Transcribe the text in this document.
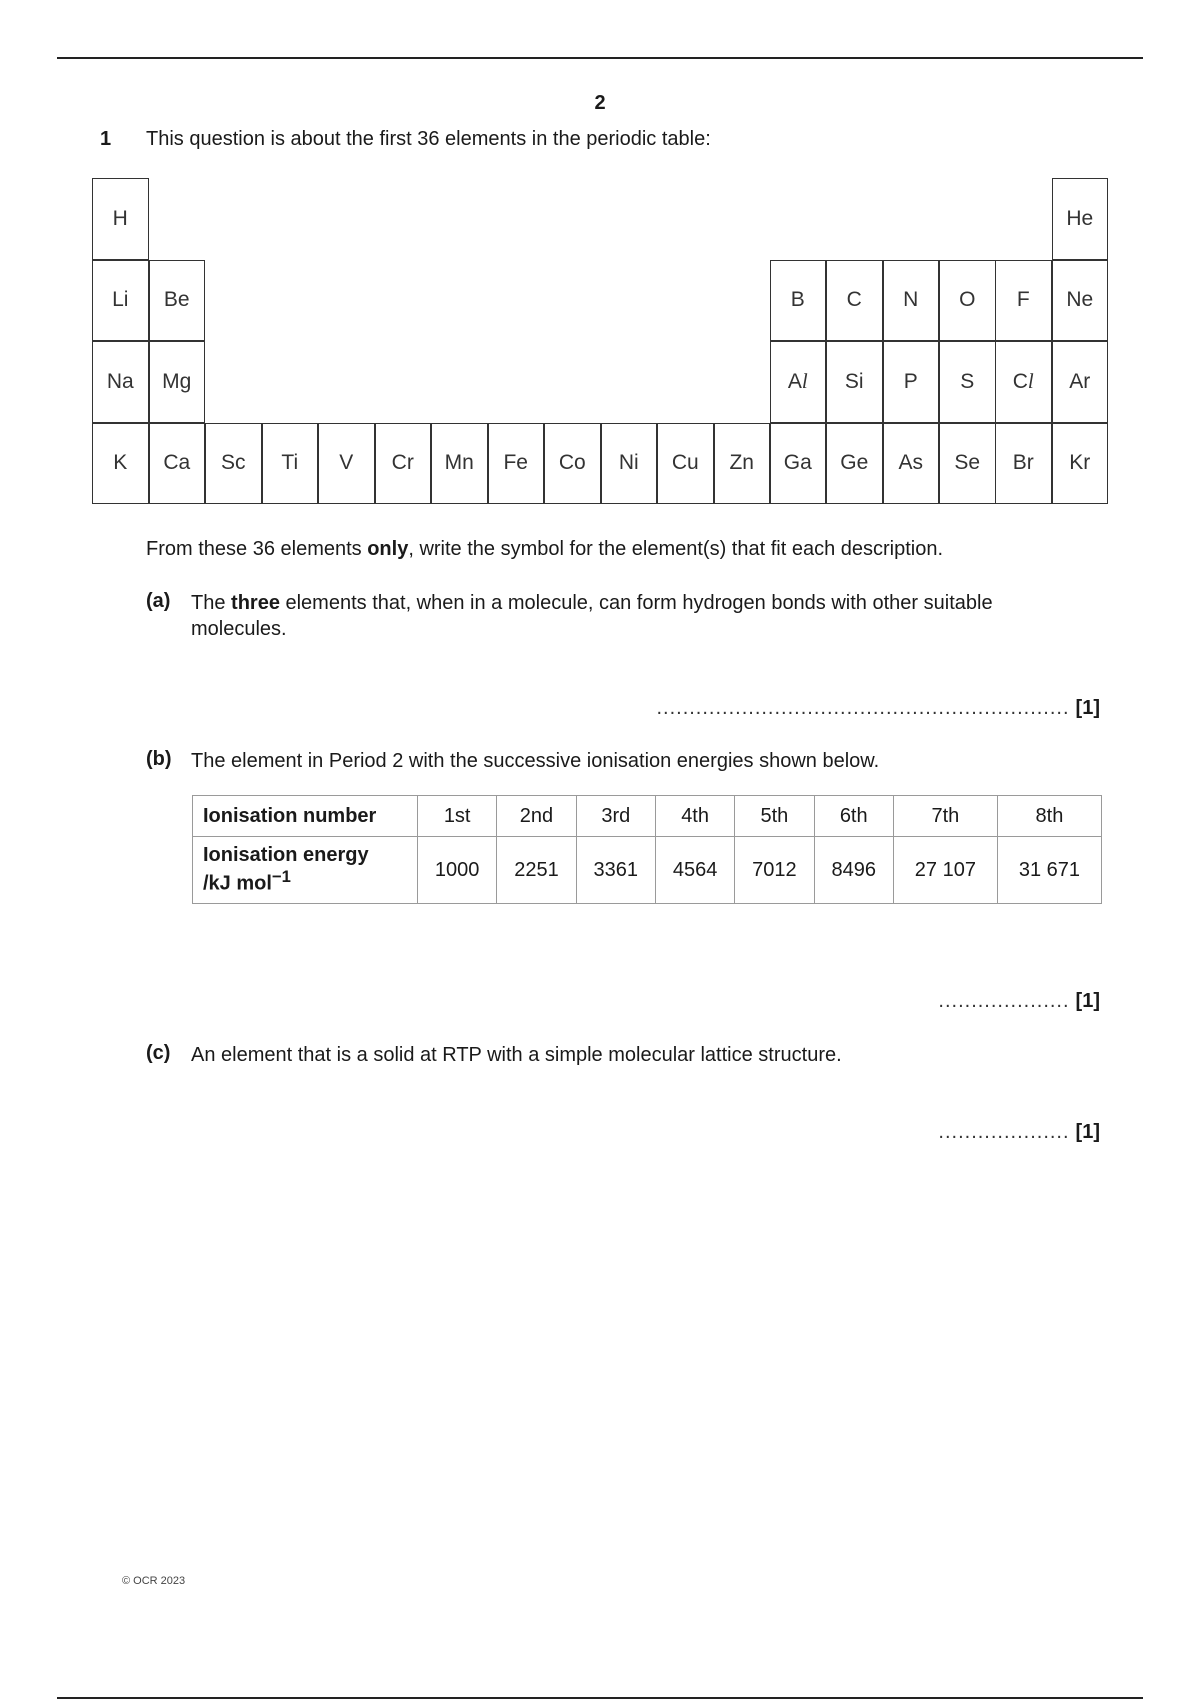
2
1 This question is about the first 36 elements in the periodic table:
H	He
Li	Be	B	C	N	O	F	Ne
Na	Mg	Al	Si	P	S	Cl	Ar
K	Ca	Sc	Ti	V	Cr	Mn	Fe	Co	Ni	Cu	Zn	Ga	Ge	As	Se	Br	Kr
From these 36 elements only, write the symbol for the element(s) that fit each description.
(a) The three elements that, when in a molecule, can form hydrogen bonds with other suitable molecules.
............................................................... [1]
(b) The element in Period 2 with the successive ionisation energies shown below.
Ionisation number	1st	2nd	3rd	4th	5th	6th	7th	8th

Ionisation energy
/kJ mol$^{-1}$	1000	2251	3361	4564	7012	8496	27 107	31 671
.................... [1]
(c) An element that is a solid at RTP with a simple molecular lattice structure.
.................... [1]
© OCR 2023
